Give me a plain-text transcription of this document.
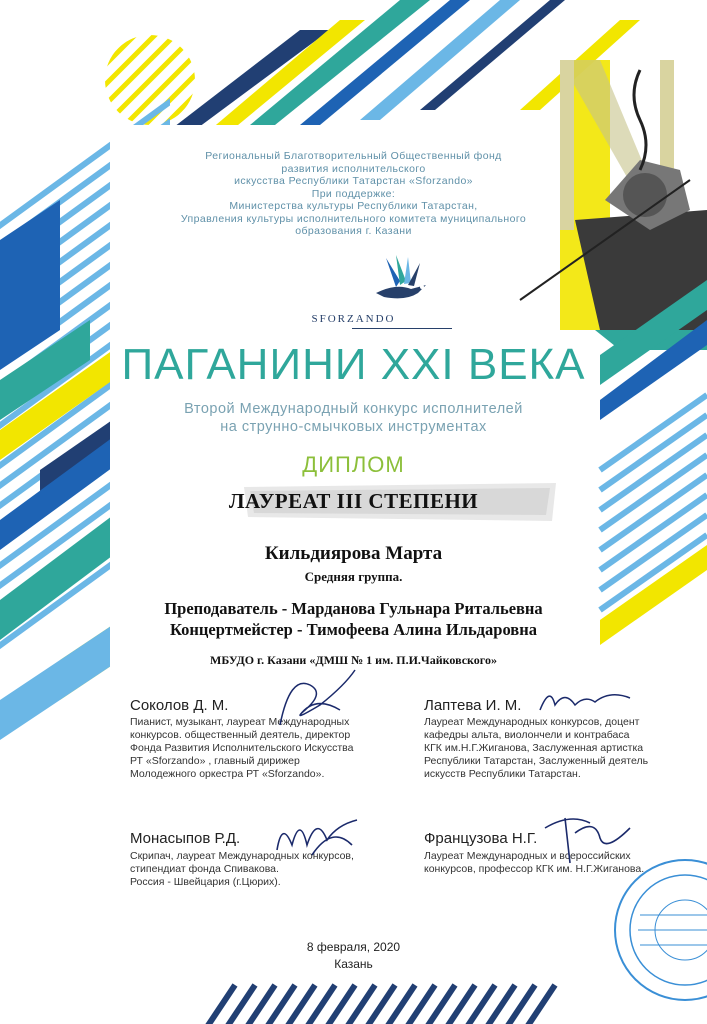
Региональный Благотворительный Общественный фонд
развития исполнительского
искусства Республики Татарстан «Sforzando»
При поддержке:
Министерства культуры Республики Татарстан,
Управления культуры исполнительного комитета муниципального
образования г. Казани
SFORZANDO
ПАГАНИНИ XXI ВЕКА
Второй Международный конкурс исполнителей
на струнно-смычковых инструментах
ДИПЛОМ
ЛАУРЕАТ III СТЕПЕНИ
Кильдиярова Марта
Средняя группа.
Преподаватель - Марданова Гульнара Ритальевна
Концертмейстер - Тимофеева Алина Ильдаровна
МБУДО г. Казани «ДМШ № 1 им. П.И.Чайковского»
Соколов Д. М.
Пианист, музыкант, лауреат Международных
конкурсов. общественный деятель, директор
Фонда Развития Исполнительского Искусства
РТ «Sforzando» , главный дирижер
Молодежного оркестра РТ «Sforzando».
Лаптева И. М.
Лауреат Международных конкурсов, доцент
кафедры альта, виолончели и контрабаса
КГК им.Н.Г.Жиганова, Заслуженная артистка
Республики Татарстан, Заслуженный деятель
искусств Республики Татарстан.
Монасыпов Р.Д.
Скрипач, лауреат Международных конкурсов,
стипендиат фонда Спивакова.
Россия - Швейцария (г.Цюрих).
Французова Н.Г.
Лауреат Международных и всероссийских
конкурсов, профессор КГК им. Н.Г.Жиганова.
8 февраля, 2020
Казань
